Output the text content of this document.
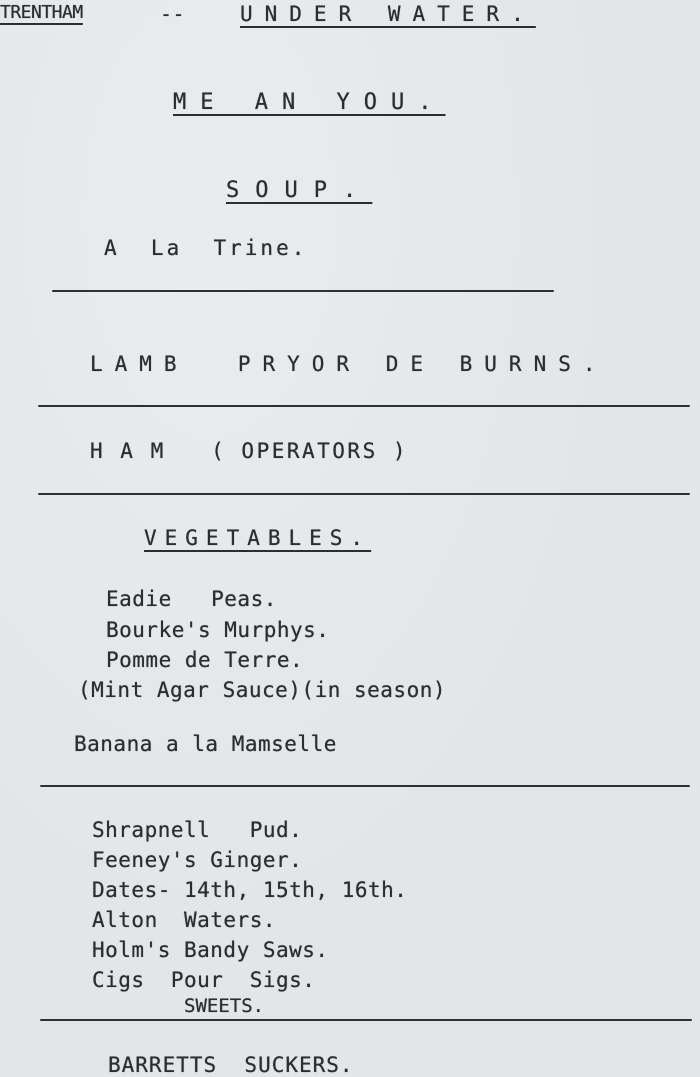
TRENTHAM	--	UNDER WATER.
ME AN YOU.
SOUP.
A  La  Trine.
LAMB  PRYOR DE BURNS.
H A M   ( OPERATORS )
VEGETABLES.
Eadie   Peas.
Bourke's Murphys.
Pomme de Terre.
(Mint Agar Sauce)(in season)
Banana a la Mamselle
Shrapnell   Pud.
Feeney's Ginger.
Dates- 14th, 15th, 16th.
Alton  Waters.
Holm's Bandy Saws.
Cigs  Pour  Sigs.
SWEETS.
BARRETTS  SUCKERS.
